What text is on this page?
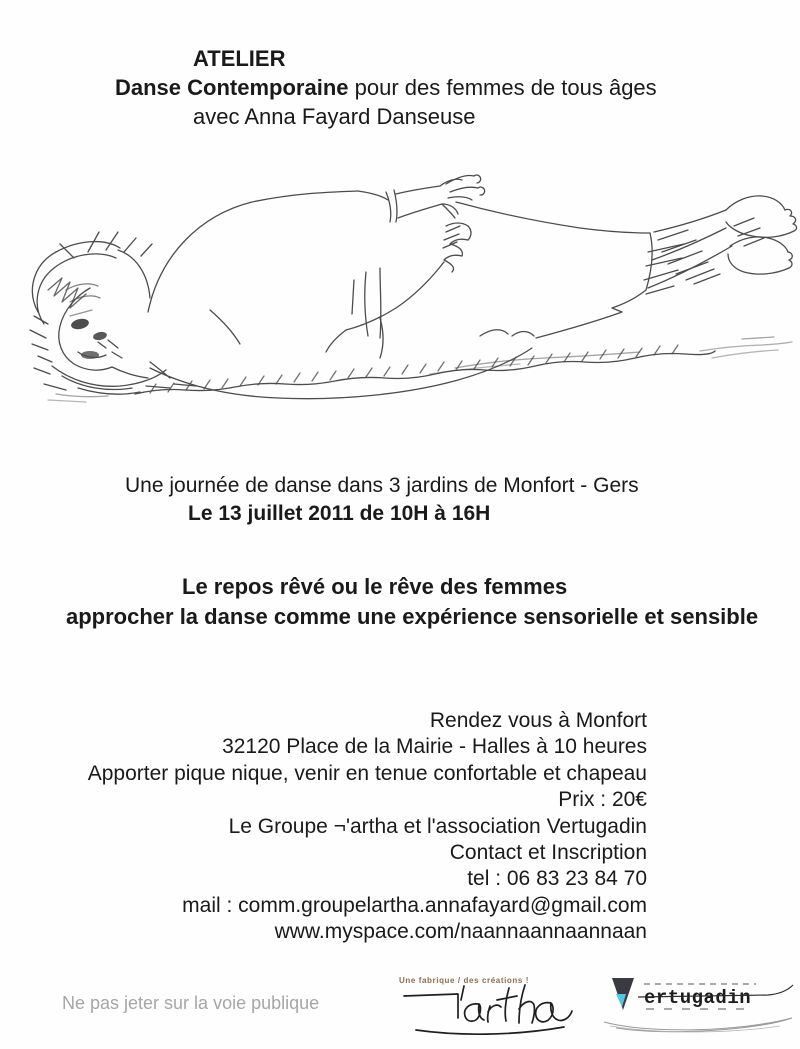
ATELIER
Danse Contemporaine pour des femmes de tous âges
avec Anna Fayard Danseuse
Une journée de danse dans 3 jardins de Monfort - Gers
Le 13 juillet 2011 de 10H à 16H
Le repos rêvé ou le rêve des femmes
approcher la danse comme une expérience sensorielle et sensible
Rendez vous à Monfort
32120 Place de la Mairie - Halles à 10 heures
Apporter pique nique, venir en tenue confortable et chapeau
Prix : 20€
Le Groupe ¬'artha et l'association Vertugadin
Contact et Inscription
tel : 06 83 23 84 70
mail : comm.groupelartha.annafayard@gmail.com
www.myspace.com/naannaannaannaan
Ne pas jeter sur la voie publique
Une fabrique / des créations !
ertugadin
